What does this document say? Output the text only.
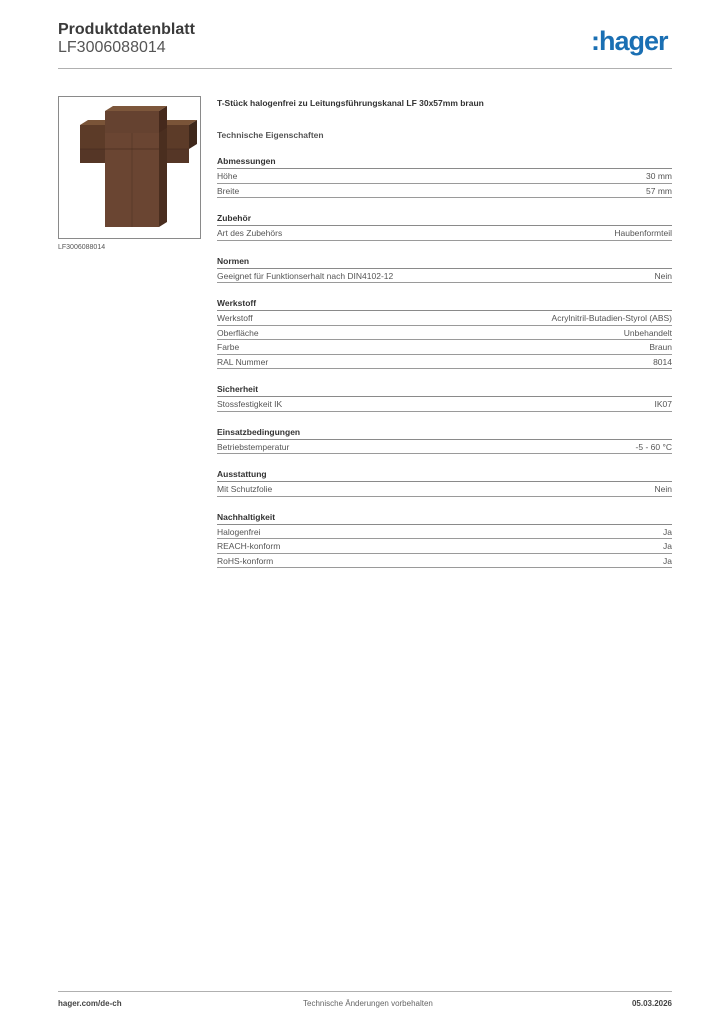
Produktdatenblatt
LF3006088014	:hager
LF3006088014
T-Stück halogenfrei zu Leitungsführungskanal LF 30x57mm braun
Technische Eigenschaften
Abmessungen
Höhe	30 mm
Breite	57 mm
Zubehör
Art des Zubehörs	Haubenformteil
Normen
Geeignet für Funktionserhalt nach DIN4102-12	Nein
Werkstoff
Werkstoff	Acrylnitril-Butadien-Styrol (ABS)
Oberfläche	Unbehandelt
Farbe	Braun
RAL Nummer	8014
Sicherheit
Stossfestigkeit IK	IK07
Einsatzbedingungen
Betriebstemperatur	-5 - 60 °C
Ausstattung
Mit Schutzfolie	Nein
Nachhaltigkeit
Halogenfrei	Ja
REACH-konform	Ja
RoHS-konform	Ja
hager.com/de-ch	Technische Änderungen vorbehalten	05.03.2026
